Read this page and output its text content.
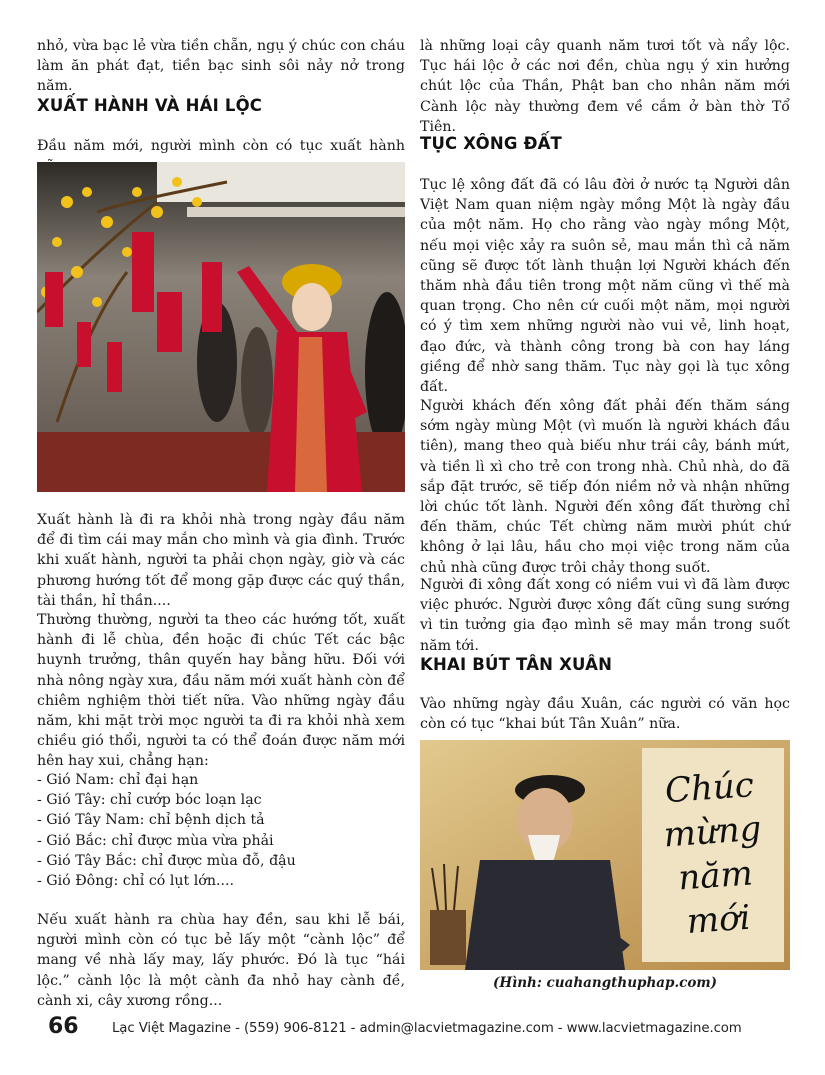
nhỏ, vừa bạc lẻ vừa tiền chẵn, ngụ ý chúc con cháu làm ăn phát đạt, tiền bạc sinh sôi nảy nở trong năm.

XUẤT HÀNH VÀ HÁI LỘC

Đầu năm mới, người mình còn có tục xuất hành

Xuất hành là đi ra khỏi nhà trong ngày đầu năm để đi tìm cái may mắn cho mình và gia đình. Trước khi xuất hành, người ta phải chọn ngày, giờ và các phương hướng tốt để mong gặp được các quý thần, tài thần, hỉ thần....

Thường thường, người ta theo các hướng tốt, xuất hành đi lễ chùa, đền hoặc đi chúc Tết các bậc huynh trưởng, thân quyến hay bằng hữu. Đối với nhà nông ngày xưa, đầu năm mới xuất hành còn để chiêm nghiệm thời tiết nữa. Vào những ngày đầu năm, khi mặt trời mọc người ta đi ra khỏi nhà xem chiều gió thổi, người ta có thể đoán được năm mới hên hay xui, chẳng hạn:

- Gió Nam: chỉ đại hạn
- Gió Tây: chỉ cướp bóc loạn lạc
- Gió Tây Nam: chỉ bệnh dịch tả
- Gió Bắc: chỉ được mùa vừa phải
- Gió Tây Bắc: chỉ được mùa đỗ, đậu
- Gió Đông: chỉ có lụt lớn....

Nếu xuất hành ra chùa hay đền, sau khi lễ bái, người mình còn có tục bẻ lấy một “cành lộc” để mang về nhà lấy may, lấy phước. Đó là tục “hái lộc.” cành lộc là một cành đa nhỏ hay cành đề, cành xi, cây xương rồng...

là những loại cây quanh năm tươi tốt và nẩy lộc. Tục hái lộc ở các nơi đền, chùa ngụ ý xin hưởng chút lộc của Thần, Phật ban cho nhân năm mới Cành lộc này thường đem về cắm ở bàn thờ Tổ Tiên.

TỤC XÔNG ĐẤT

Tục lệ xông đất đã có lâu đời ở nước tạ Người dân Việt Nam quan niệm ngày mồng Một là ngày đầu của một năm. Họ cho rằng vào ngày mồng Một, nếu mọi việc xảy ra suôn sẻ, mau mắn thì cả năm cũng sẽ được tốt lành thuận lợi Người khách đến thăm nhà đầu tiên trong một năm cũng vì thế mà quan trọng. Cho nên cứ cuối một năm, mọi người có ý tìm xem những người nào vui vẻ, linh hoạt, đạo đức, và thành công trong bà con hay láng giềng để nhờ sang thăm. Tục này gọi là tục xông đất.

Người khách đến xông đất phải đến thăm sáng sớm ngày mùng Một (vì muốn là người khách đầu tiên), mang theo quà biếu như trái cây, bánh mứt, và tiền lì xì cho trẻ con trong nhà. Chủ nhà, do đã sắp đặt trước, sẽ tiếp đón niềm nở và nhận những lời chúc tốt lành. Người đến xông đất thường chỉ đến thăm, chúc Tết chừng năm mười phút chứ không ở lại lâu, hầu cho mọi việc trong năm của chủ nhà cũng được trôi chảy thong suốt.

Người đi xông đất xong có niềm vui vì đã làm được việc phước. Người được xông đất cũng sung sướng vì tin tưởng gia đạo mình sẽ may mắn trong suốt năm tới.

KHAI BÚT TÂN XUÂN

Vào những ngày đầu Xuân, các người có văn học còn có tục “khai bút Tân Xuân” nữa.

Chúc mừng năm mới

(Hình: cuahangthuphap.com)

66	Lạc Việt Magazine - (559) 906-8121 - admin@lacvietmagazine.com - www.lacvietmagazine.com
